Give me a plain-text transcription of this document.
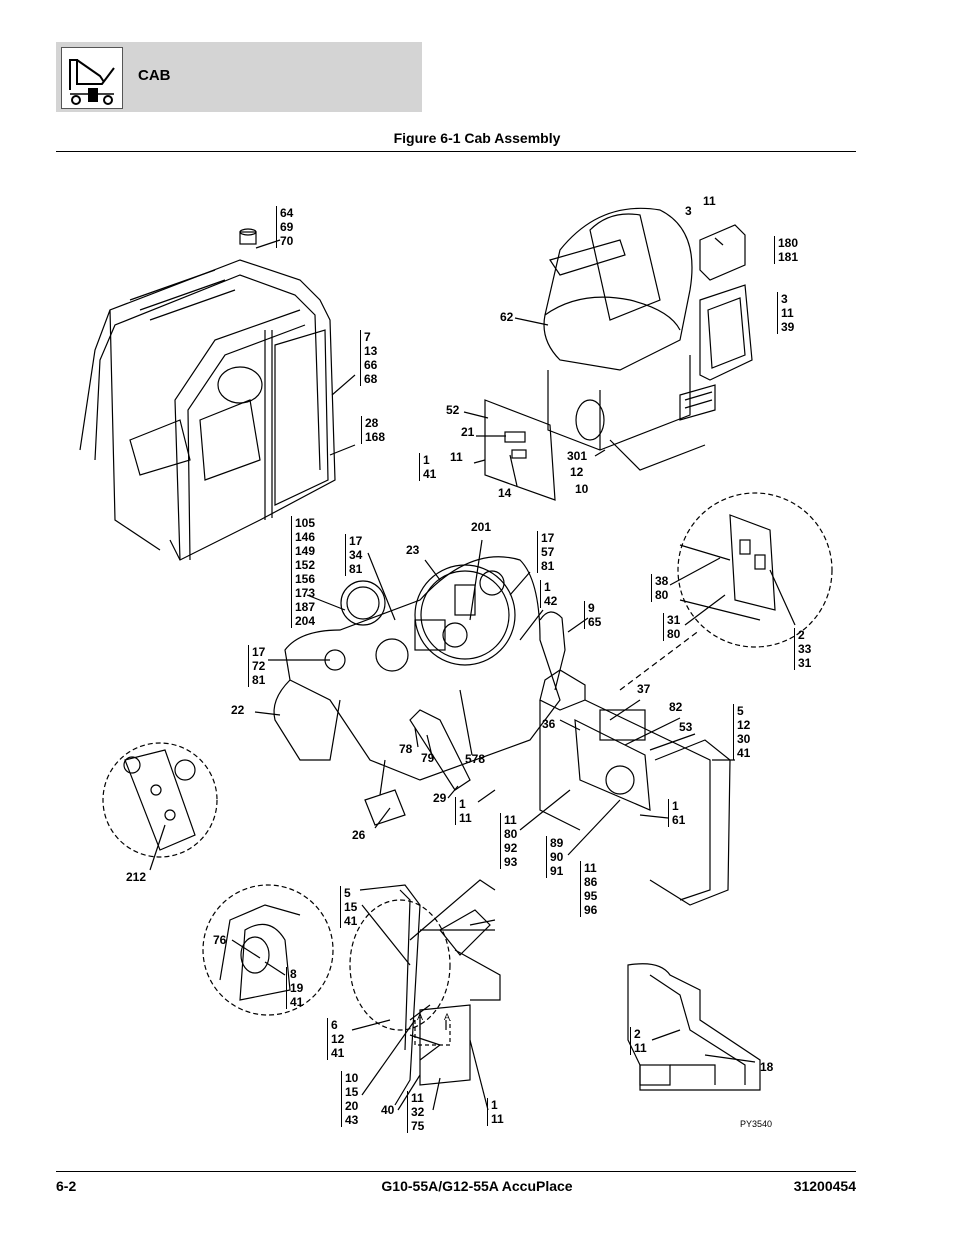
CAB
Figure 6-1 Cab Assembly
64
69
70
7
13
66
68
28
168
3
11
180
181
3
11
39
62
52
21
1
41
11
14
301
12
10
105
146
149
152
156
173
187
204
17
34
81
23
201
17
57
81
1
42	9
65
38
80
31
80	2
33
31
17
72
81
22
37
82
53
5
12
30
41
36
78
79	578
29	1
11
26
11
80
92
93
89
90
91
1
61
11
86
95
96
212
5
15
41
76
8
19
41
6
12
41
10
15
20
43
40
11
32
75
1
11
2
11
18
A A
PY3540
6-2	G10-55A/G12-55A AccuPlace	31200454
